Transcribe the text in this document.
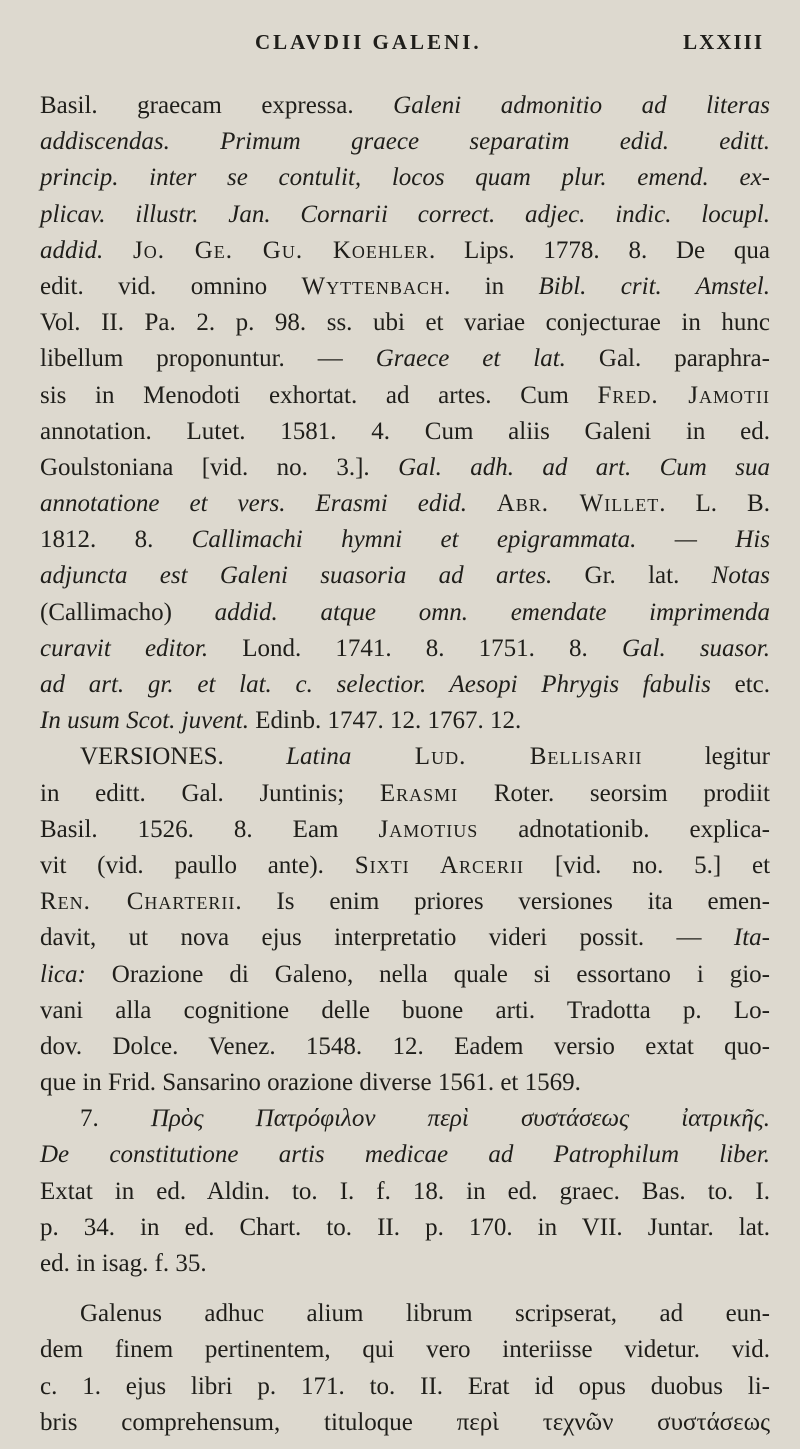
CLAVDII GALENI.	LXXIII
Basil. graecam expressa. Galeni admonitio ad literas
addiscendas. Primum graece separatim edid. editt.
princip. inter se contulit, locos quam plur. emend. ex-
plicav. illustr. Jan. Cornarii correct. adjec. indic. locupl.
addid. Jo. Ge. Gu. Koehler. Lips. 1778. 8. De qua
edit. vid. omnino Wyttenbach. in Bibl. crit. Amstel.
Vol. II. Pa. 2. p. 98. ss. ubi et variae conjecturae in hunc
libellum proponuntur. — Graece et lat. Gal. paraphra-
sis in Menodoti exhortat. ad artes. Cum Fred. Jamotii
annotation. Lutet. 1581. 4. Cum aliis Galeni in ed.
Goulstoniana [vid. no. 3.]. Gal. adh. ad art. Cum sua
annotatione et vers. Erasmi edid. Abr. Willet. L. B.
1812. 8. Callimachi hymni et epigrammata. — His
adjuncta est Galeni suasoria ad artes. Gr. lat. Notas
(Callimacho) addid. atque omn. emendate imprimenda
curavit editor. Lond. 1741. 8. 1751. 8. Gal. suasor.
ad art. gr. et lat. c. selectior. Aesopi Phrygis fabulis etc.
In usum Scot. juvent. Edinb. 1747. 12. 1767. 12.
VERSIONES. Latina Lud. Bellisarii legitur
in editt. Gal. Juntinis; Erasmi Roter. seorsim prodiit
Basil. 1526. 8. Eam Jamotius adnotationib. explica-
vit (vid. paullo ante). Sixti Arcerii [vid. no. 5.] et
Ren. Charterii. Is enim priores versiones ita emen-
davit, ut nova ejus interpretatio videri possit. — Ita-
lica: Orazione di Galeno, nella quale si essortano i gio-
vani alla cognitione delle buone arti. Tradotta p. Lo-
dov. Dolce. Venez. 1548. 12. Eadem versio extat quo-
que in Frid. Sansarino orazione diverse 1561. et 1569.
7. Πρὸς Πατρόφιλον περὶ συστάσεως ἰατρικῆς.
De constitutione artis medicae ad Patrophilum liber.
Extat in ed. Aldin. to. I. f. 18. in ed. graec. Bas. to. I.
p. 34. in ed. Chart. to. II. p. 170. in VII. Juntar. lat.
ed. in isag. f. 35.
Galenus adhuc alium librum scripserat, ad eun-
dem finem pertinentem, qui vero interiisse videtur. vid.
c. 1. ejus libri p. 171. to. II. Erat id opus duobus li-
bris comprehensum, tituloque περὶ τεχνῶν συστάσεως
